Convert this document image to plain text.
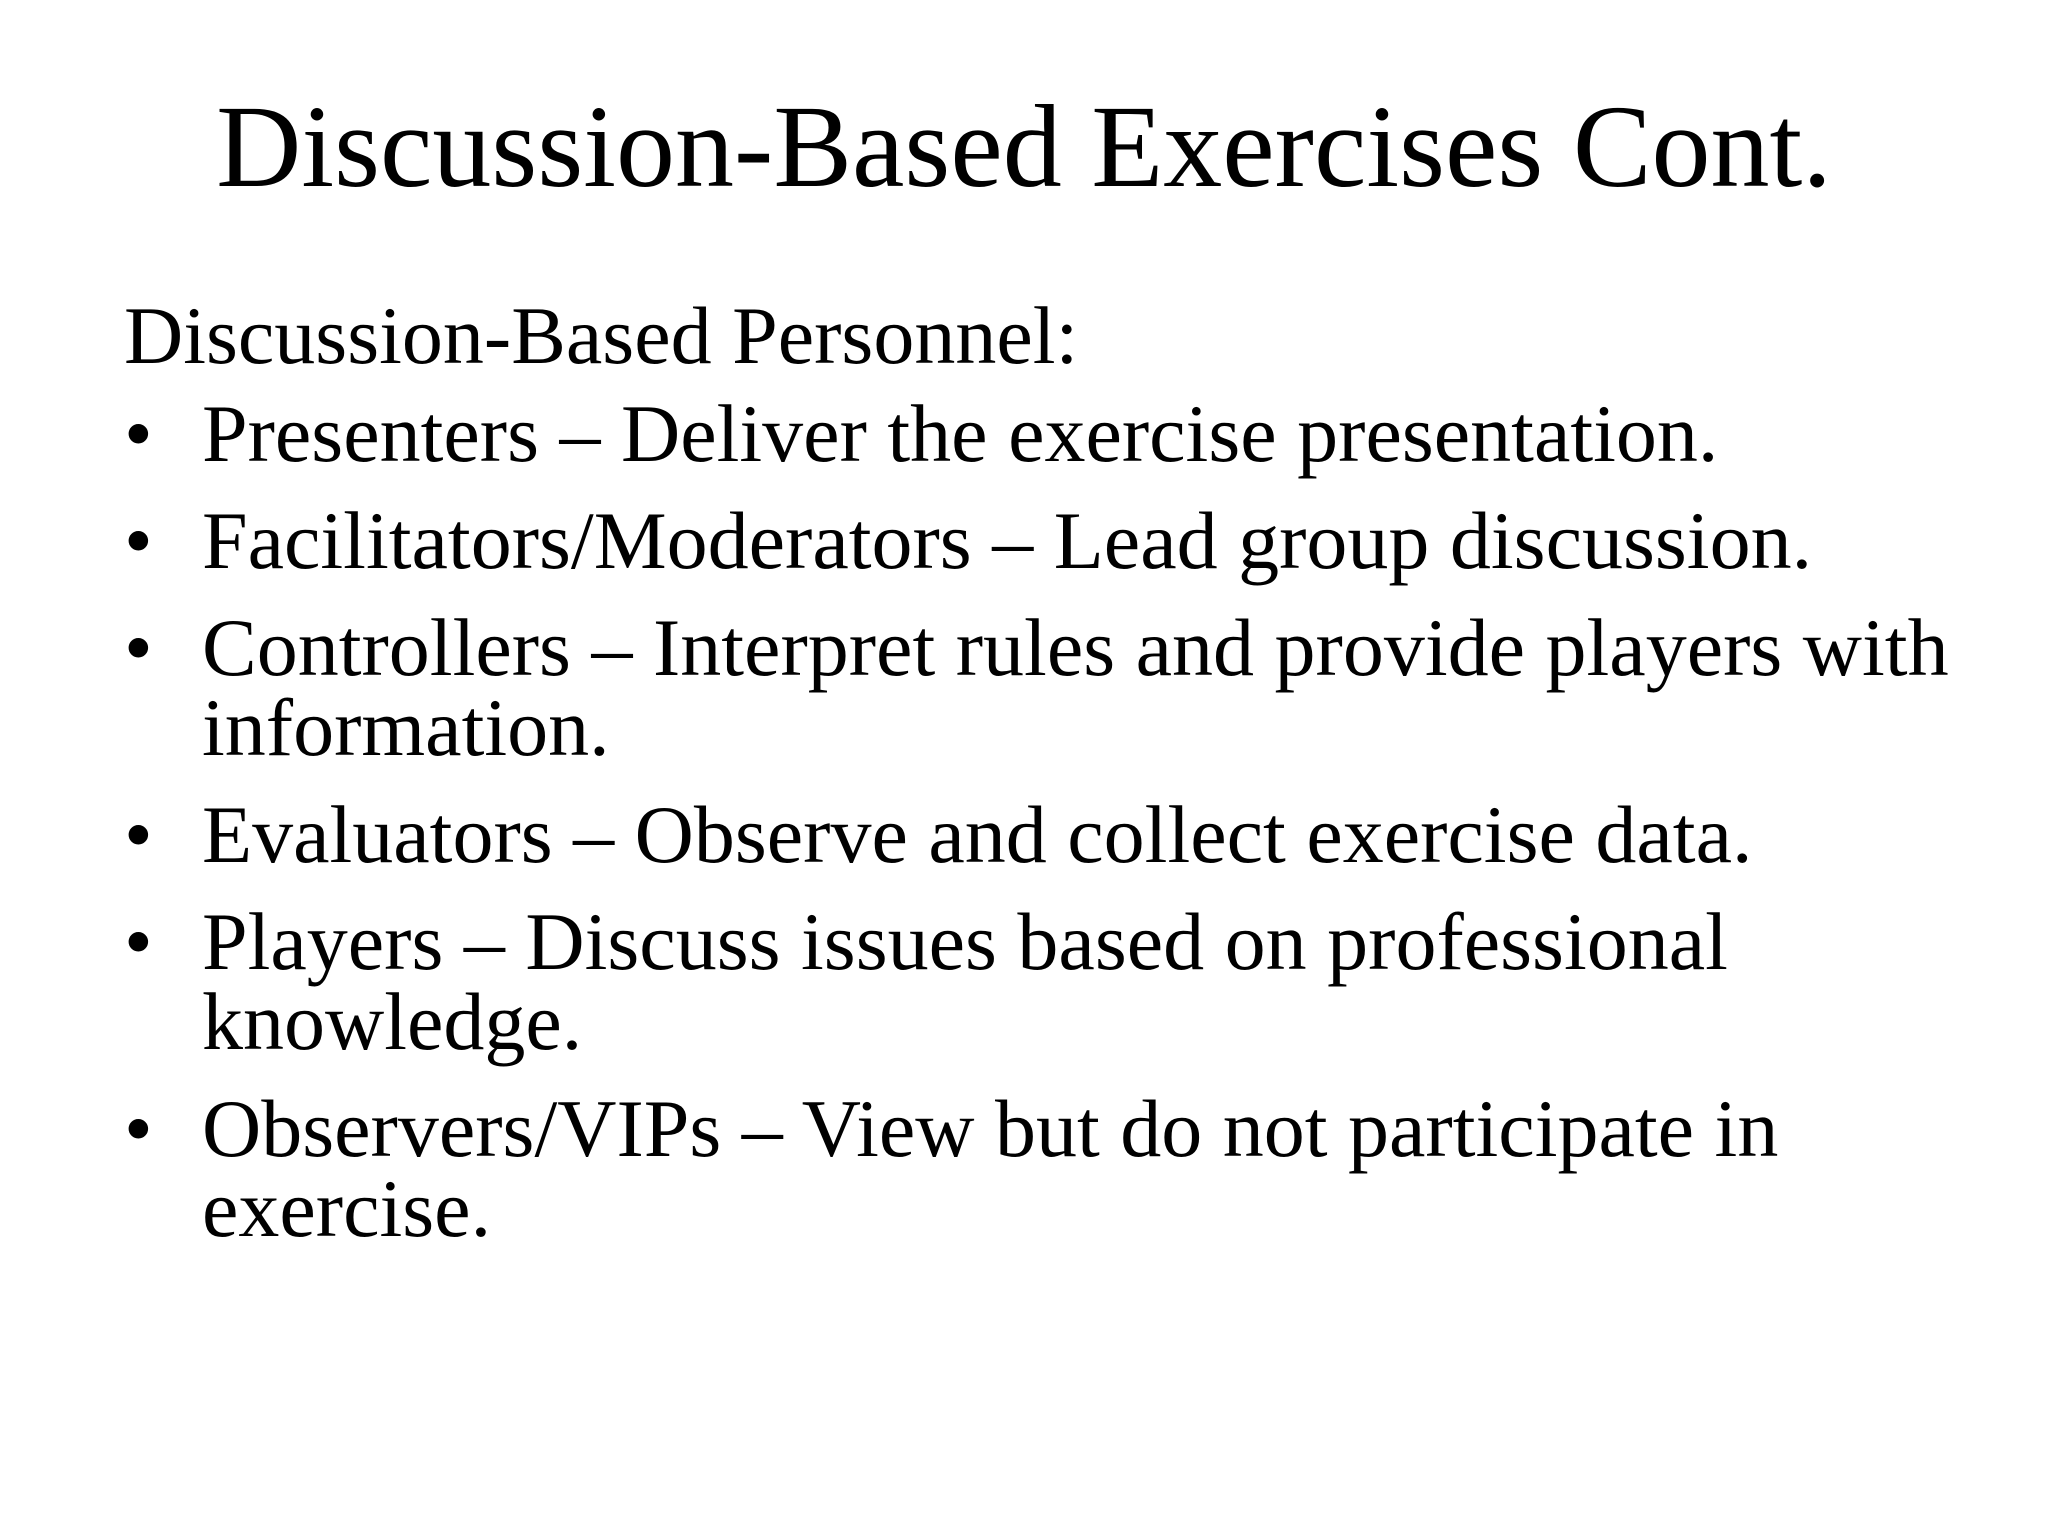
Discussion-Based Exercises Cont.

Discussion-Based Personnel:

• Presenters – Deliver the exercise presentation.
• Facilitators/Moderators – Lead group discussion.
• Controllers – Interpret rules and provide players with information.
• Evaluators – Observe and collect exercise data.
• Players – Discuss issues based on professional knowledge.
• Observers/VIPs – View but do not participate in exercise.
